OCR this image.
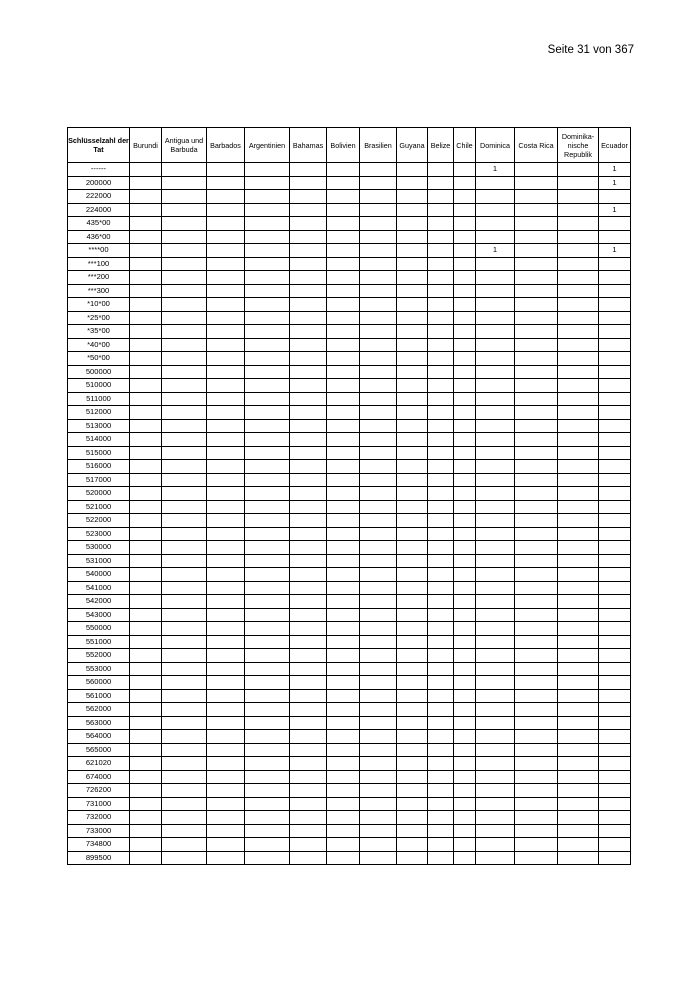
Seite 31 von 367
Schlüsselzahl der Tat	Burundi	Antigua und Barbuda	Barbados	Argentinien	Bahamas	Bolivien	Brasilien	Guyana	Belize	Chile	Dominica	Costa Rica	Dominika-nische Republik	Ecuador
------											1			1
200000														1
222000														
224000														1
435*00														
436*00														
****00											1			1
***100														
***200														
***300														
*10*00														
*25*00														
*35*00														
*40*00														
*50*00														
500000														
510000														
511000														
512000														
513000														
514000														
515000														
516000														
517000														
520000														
521000														
522000														
523000														
530000														
531000														
540000														
541000														
542000														
543000														
550000														
551000														
552000														
553000														
560000														
561000														
562000														
563000														
564000														
565000														
621020														
674000														
726200														
731000														
732000														
733000														
734800														
899500														
